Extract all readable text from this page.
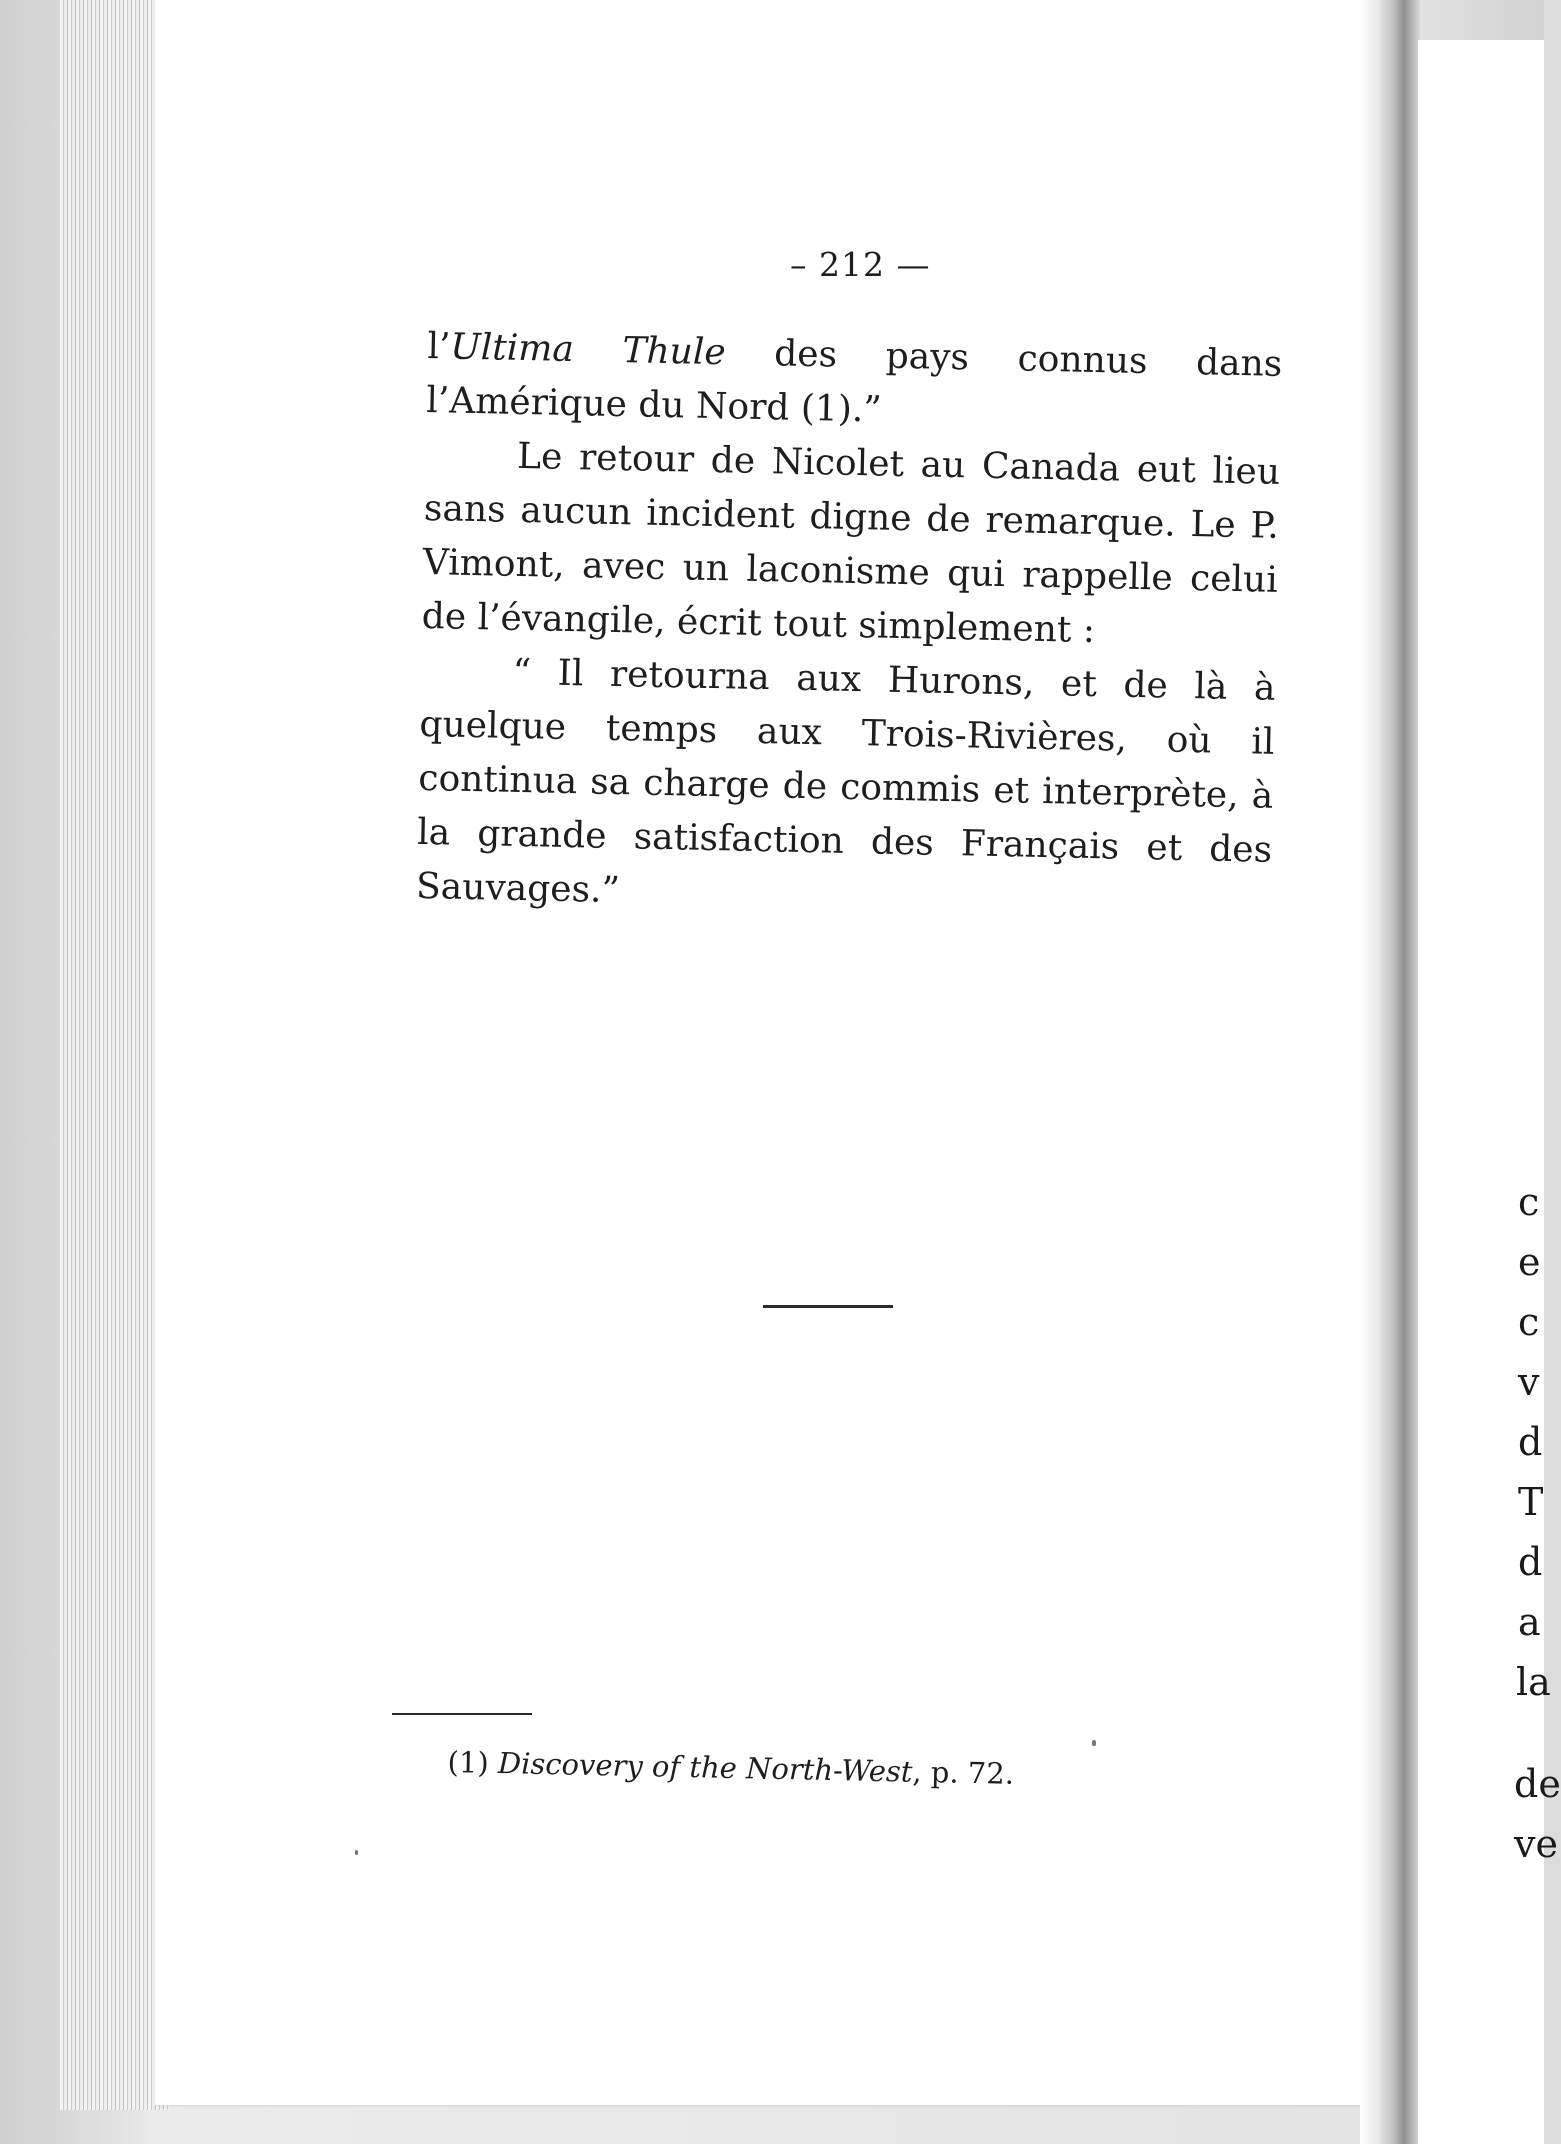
– 212 —

l’Ultima Thule des pays connus dans l’Amérique du Nord (1).”

Le retour de Nicolet au Canada eut lieu sans aucun incident digne de remarque. Le P. Vimont, avec un laconisme qui rappelle celui de l’évangile, écrit tout simplement :

“ Il retourna aux Hurons, et de là à quelque temps aux Trois-Rivières, où il continua sa charge de commis et interprète, à la grande satisfaction des Français et des Sauvages.”

(1) Discovery of the North-West, p. 72.
c
e
c
v
d
T
d
a
la
de
ve
